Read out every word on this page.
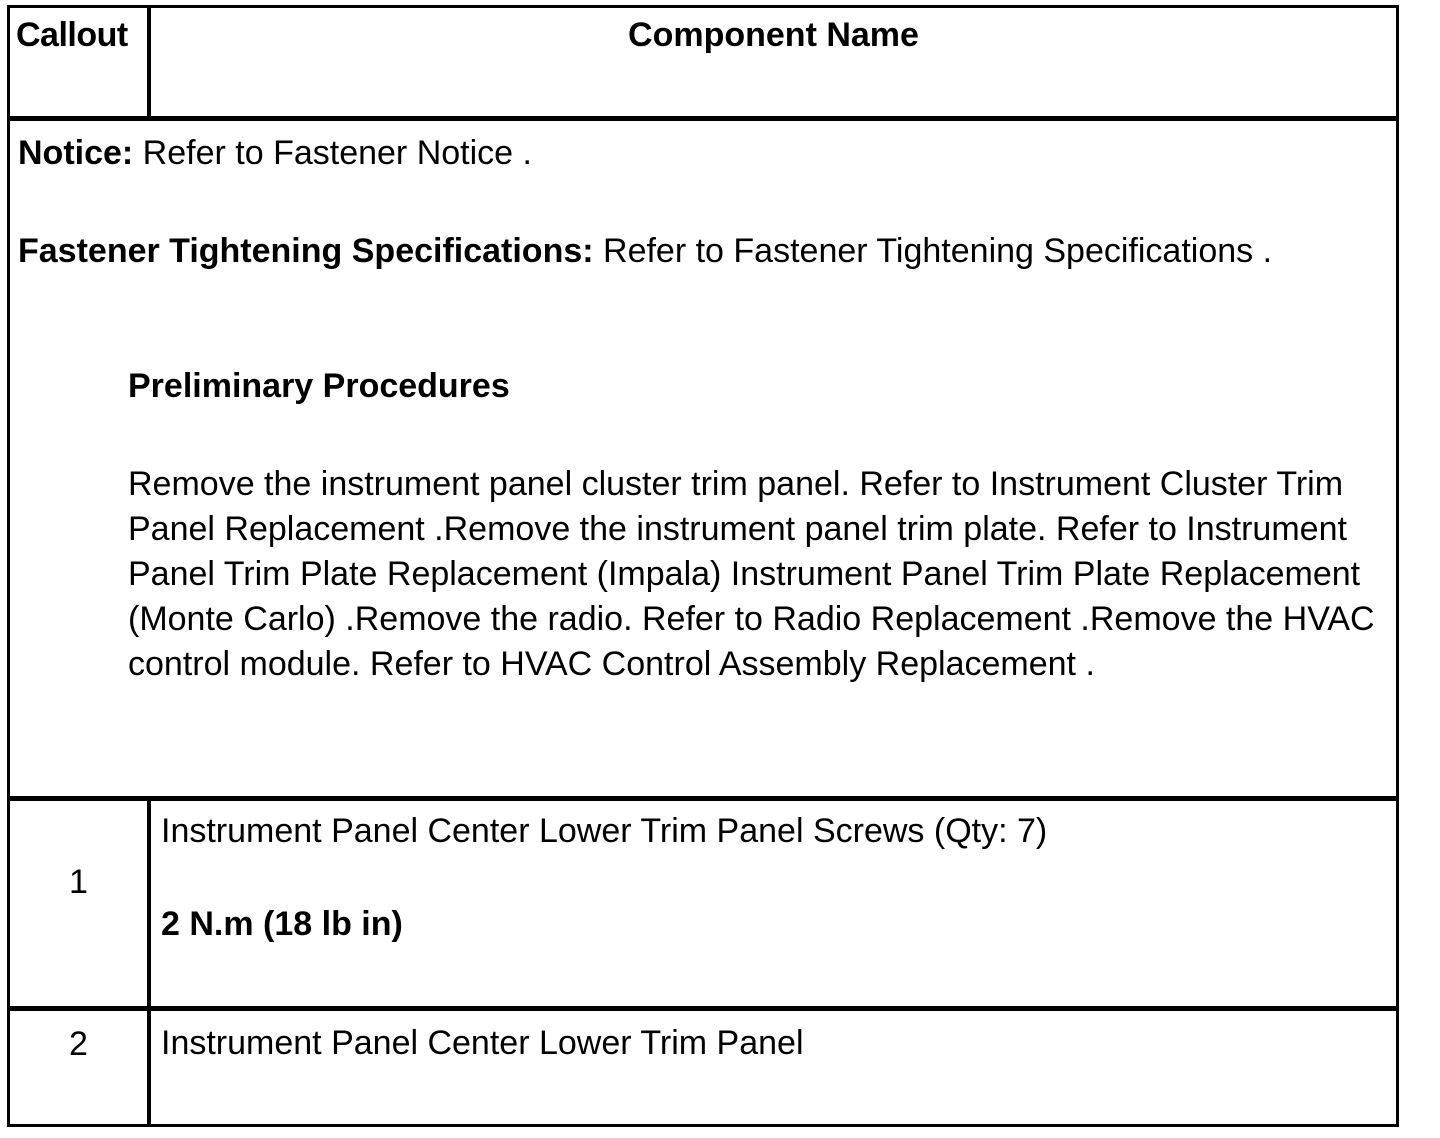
Callout	Component Name

Notice: Refer to Fastener Notice .

Fastener Tightening Specifications: Refer to Fastener Tightening Specifications .

Preliminary Procedures

Remove the instrument panel cluster trim panel. Refer to Instrument Cluster Trim Panel Replacement .Remove the instrument panel trim plate. Refer to Instrument Panel Trim Plate Replacement (Impala) Instrument Panel Trim Plate Replacement (Monte Carlo) .Remove the radio. Refer to Radio Replacement .Remove the HVAC control module. Refer to HVAC Control Assembly Replacement .

1
Instrument Panel Center Lower Trim Panel Screws (Qty: 7)
2 N.m (18 lb in)
2	Instrument Panel Center Lower Trim Panel
